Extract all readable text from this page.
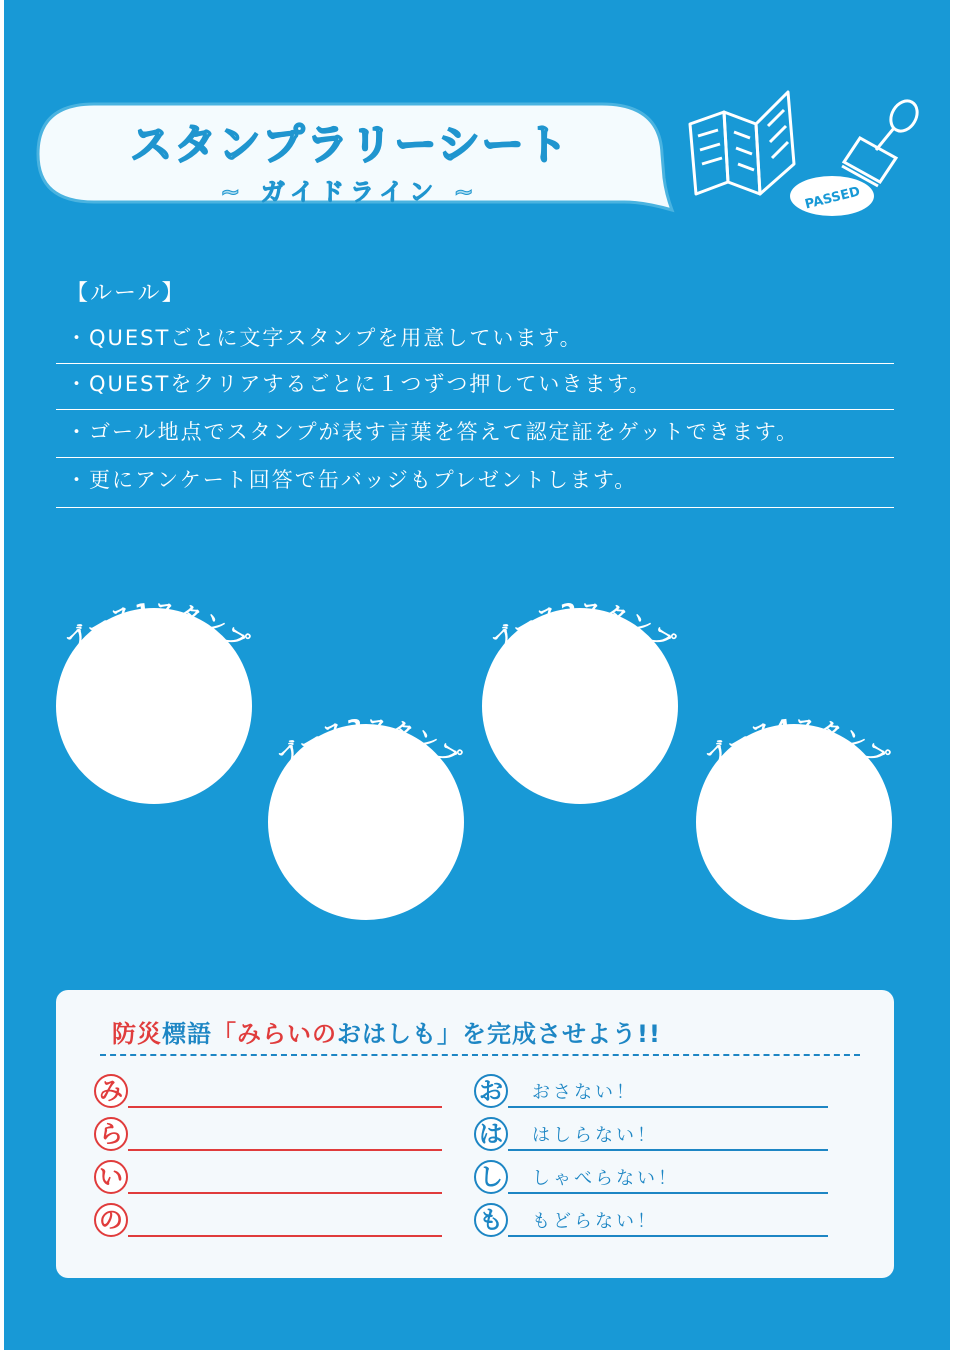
スタンプラリーシート
~ ガイドライン ~	PASSED
【ルール】
・QUESTごとに文字スタンプを用意しています。
・QUESTをクリアするごとに１つずつ押していきます。
・ゴール地点でスタンプが表す言葉を答えて認定証をゲットできます。
・更にアンケート回答で缶バッジもプレゼントします。
ブース1スタンプ
ブース3スタンプ
ブース2スタンプ
ブース4スタンプ
防災標語「みらいのおはしも」を完成させよう!!
み
ら
い
の
お おさない！
は はしらない！
し しゃべらない！
も もどらない！
